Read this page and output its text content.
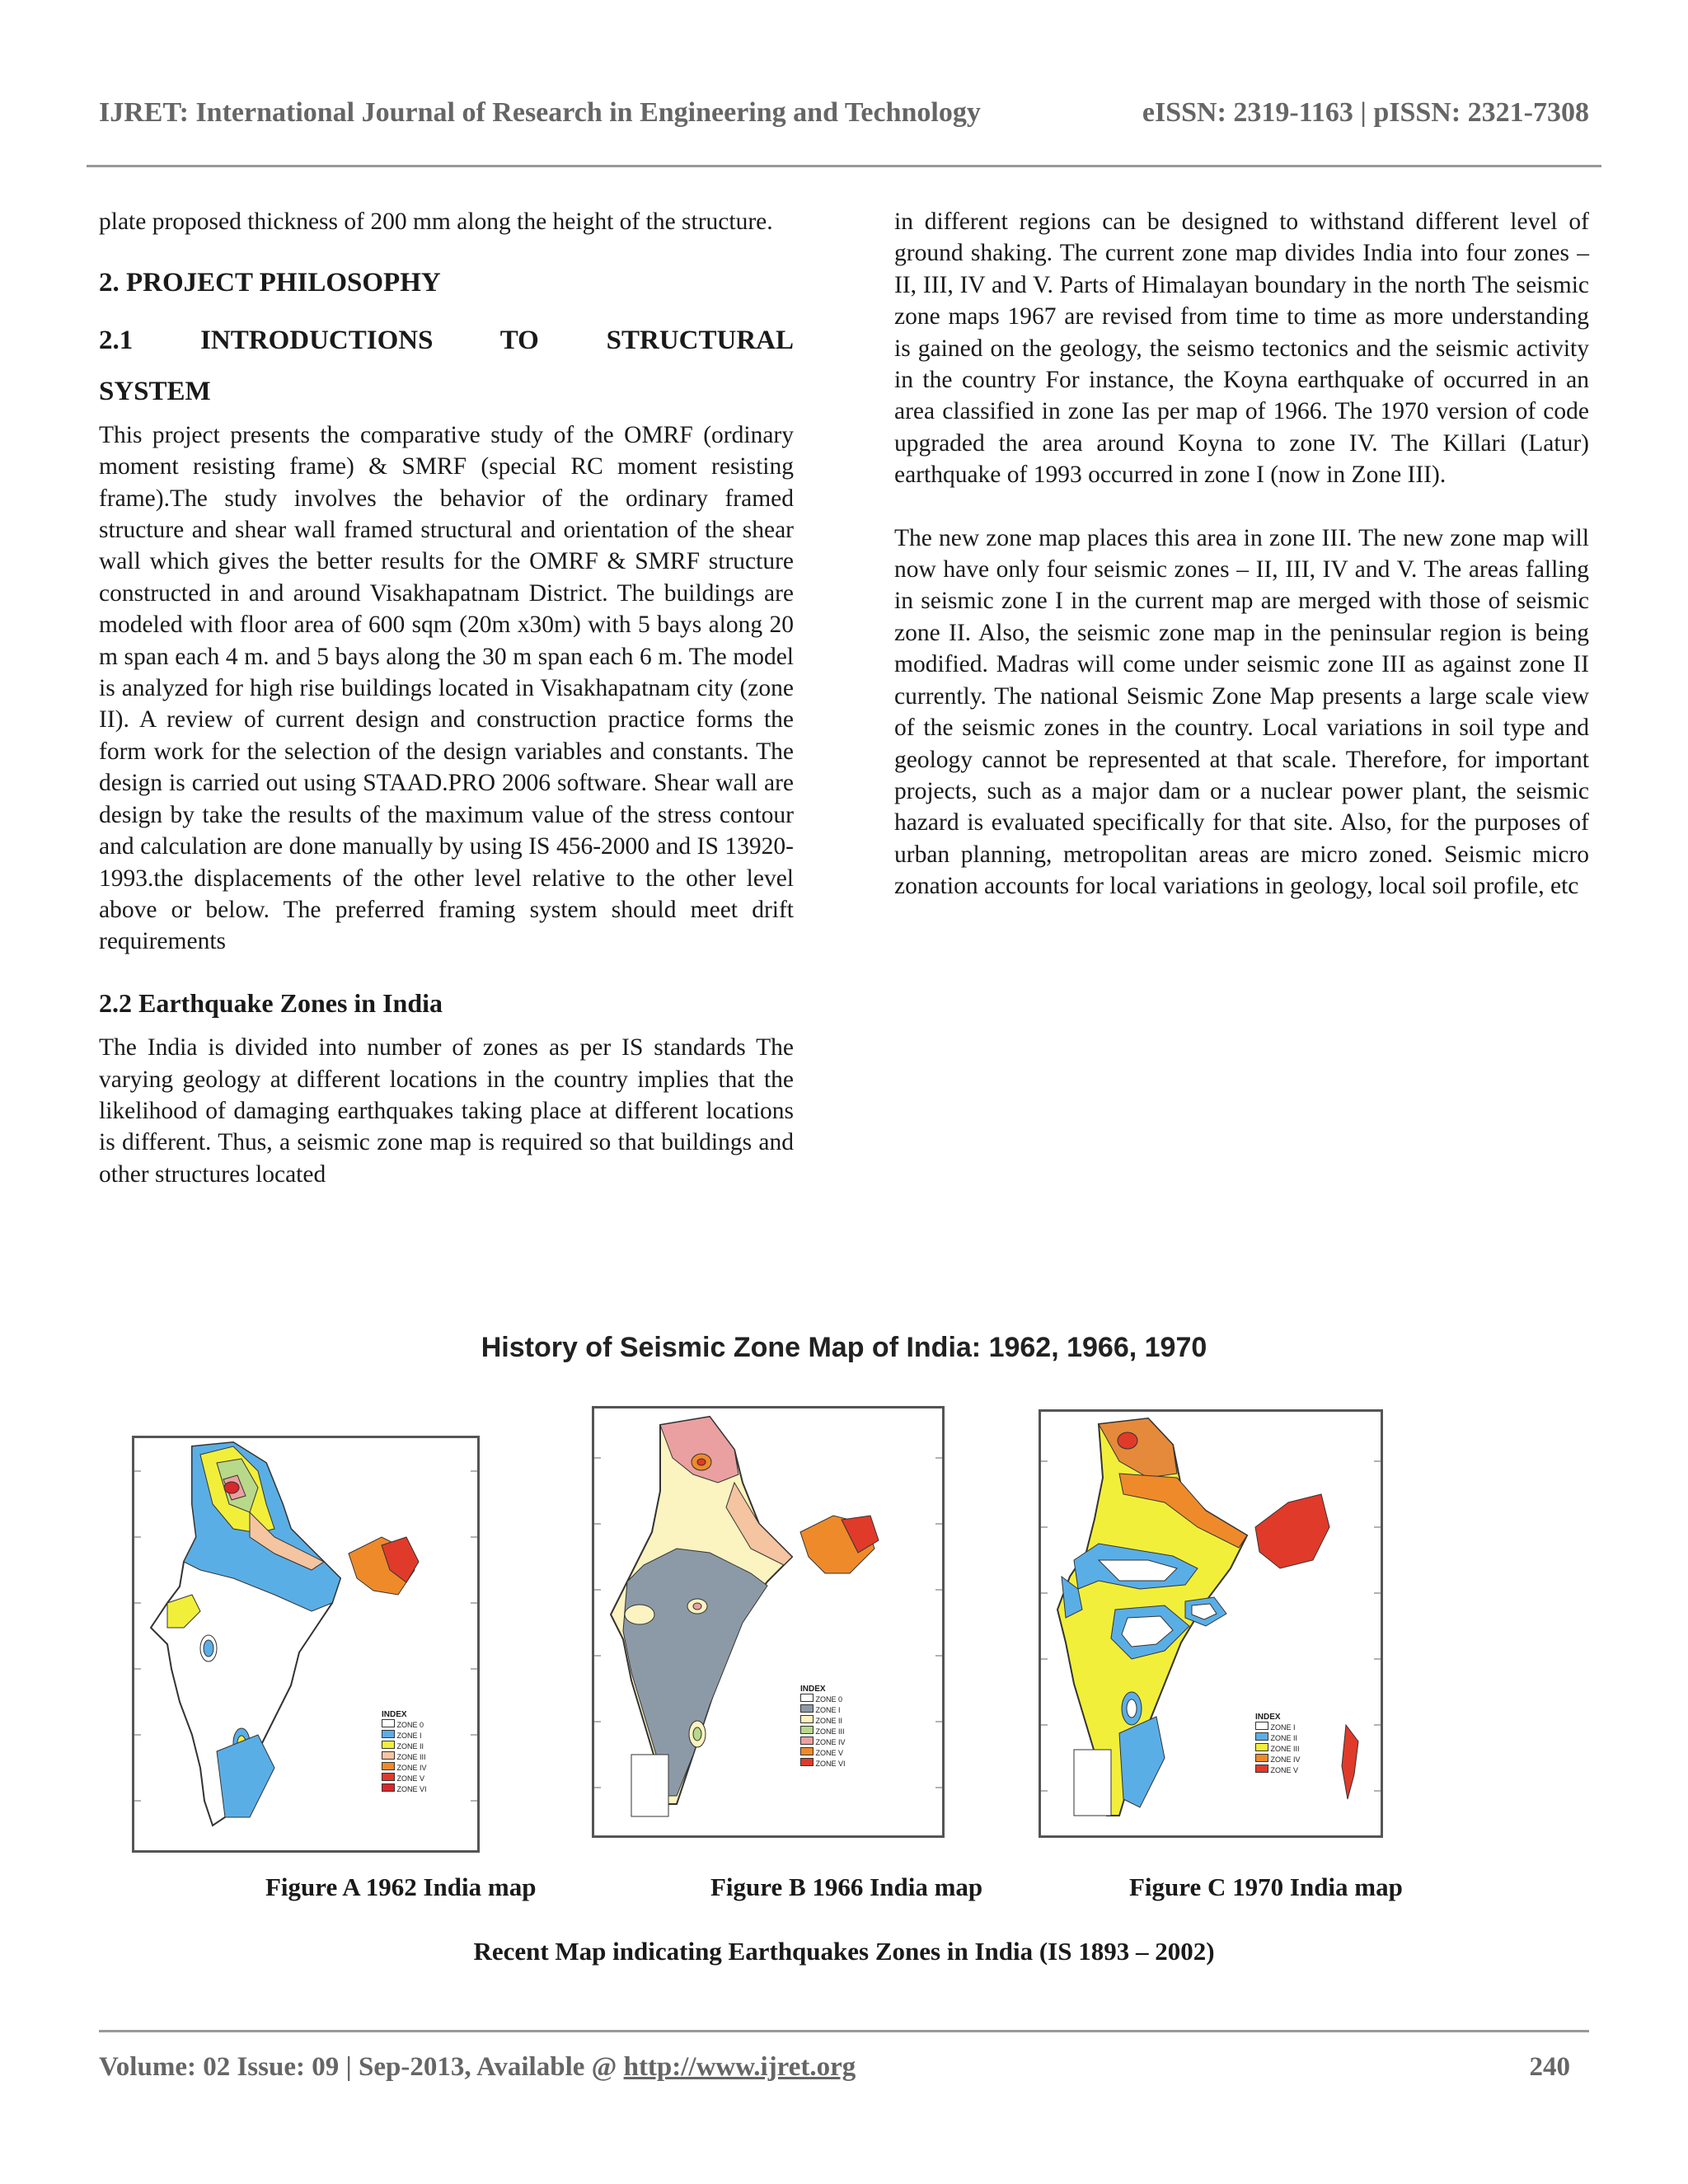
IJRET: International Journal of Research in Engineering and Technology	eISSN: 2319-1163 | pISSN: 2321-7308

plate proposed thickness of 200 mm along the height of the structure.

2. PROJECT PHILOSOPHY
2.1 INTRODUCTIONS TO STRUCTURAL
SYSTEM

This project presents the comparative study of the OMRF (ordinary moment resisting frame) & SMRF (special RC moment resisting frame).The study involves the behavior of the ordinary framed structure and shear wall framed structural and orientation of the shear wall which gives the better results for the OMRF & SMRF structure constructed in and around Visakhapatnam District. The buildings are modeled with floor area of 600 sqm (20m x30m) with 5 bays along 20 m span each 4 m. and 5 bays along the 30 m span each 6 m. The model is analyzed for high rise buildings located in Visakhapatnam city (zone II). A review of current design and construction practice forms the form work for the selection of the design variables and constants. The design is carried out using STAAD.PRO 2006 software. Shear wall are design by take the results of the maximum value of the stress contour and calculation are done manually by using IS 456-2000 and IS 13920-1993.the displacements of the other level relative to the other level above or below. The preferred framing system should meet drift requirements

2.2 Earthquake Zones in India

The India is divided into number of zones as per IS standards The varying geology at different locations in the country implies that the likelihood of damaging earthquakes taking place at different locations is different. Thus, a seismic zone map is required so that buildings and other structures located

in different regions can be designed to withstand different level of ground shaking. The current zone map divides India into four zones – II, III, IV and V. Parts of Himalayan boundary in the north The seismic zone maps 1967 are revised from time to time as more understanding is gained on the geology, the seismo tectonics and the seismic activity in the country For instance, the Koyna earthquake of occurred in an area classified in zone Ias per map of 1966. The 1970 version of code upgraded the area around Koyna to zone IV. The Killari (Latur) earthquake of 1993 occurred in zone I (now in Zone III).

The new zone map places this area in zone III. The new zone map will now have only four seismic zones – II, III, IV and V. The areas falling in seismic zone I in the current map are merged with those of seismic zone II. Also, the seismic zone map in the peninsular region is being modified. Madras will come under seismic zone III as against zone II currently. The national Seismic Zone Map presents a large scale view of the seismic zones in the country. Local variations in soil type and geology cannot be represented at that scale. Therefore, for important projects, such as a major dam or a nuclear power plant, the seismic hazard is evaluated specifically for that site. Also, for the purposes of urban planning, metropolitan areas are micro zoned. Seismic micro zonation accounts for local variations in geology, local soil profile, etc

History of Seismic Zone Map of India: 1962, 1966, 1970
INDEX
ZONE 0
ZONE I
ZONE II
ZONE III
ZONE IV
ZONE V
ZONE VI
INDEX
ZONE 0
ZONE I
ZONE II
ZONE III
ZONE IV
ZONE V
ZONE VI
INDEX
ZONE I
ZONE II
ZONE III
ZONE IV
ZONE V
Figure A 1962 India map	Figure B 1966 India map	Figure C 1970 India map
Recent Map indicating Earthquakes Zones in India (IS 1893 – 2002)
Volume: 02 Issue: 09 | Sep-2013, Available @ http://www.ijret.org	240
